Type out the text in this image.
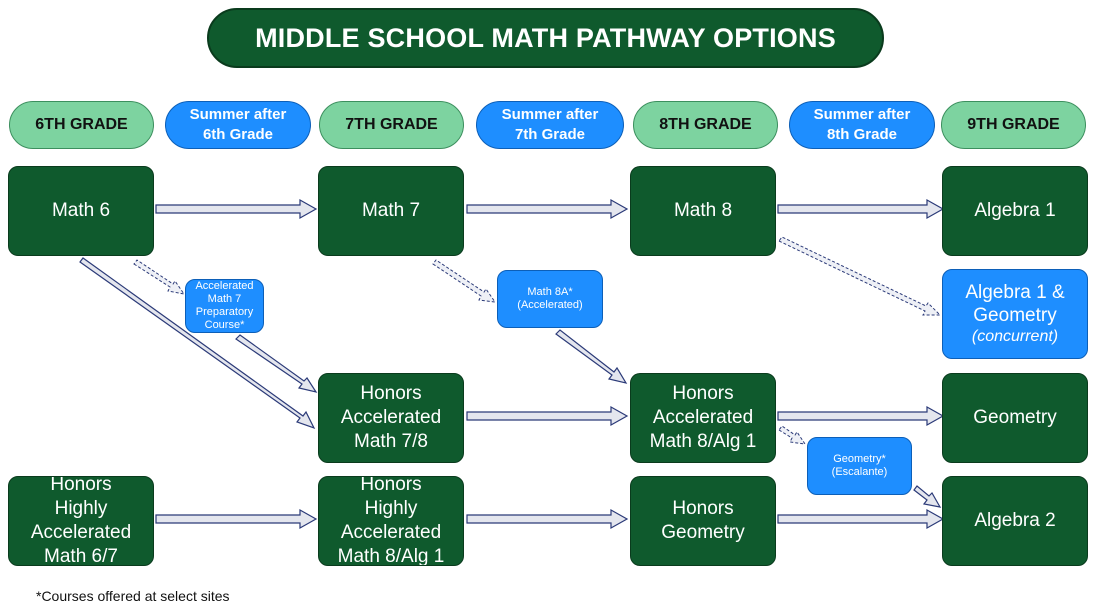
MIDDLE SCHOOL MATH PATHWAY OPTIONS
6TH GRADE
Summer after
6th Grade
7TH GRADE
Summer after
7th Grade
8TH GRADE
Summer after
8th Grade
9TH GRADE
Math 6	Math 7	Math 8	Algebra 1
Accelerated
Math 7
Preparatory
Course*
Math 8A*
(Accelerated)
Algebra 1 &
Geometry
(concurrent)
Honors
Accelerated
Math 7/8
Honors
Accelerated
Math 8/Alg 1
Geometry
Geometry*
(Escalante)
Honors
Highly
Accelerated
Math 6/7
Honors
Highly
Accelerated
Math 8/Alg 1
Honors
Geometry
Algebra 2
*Courses offered at select sites
